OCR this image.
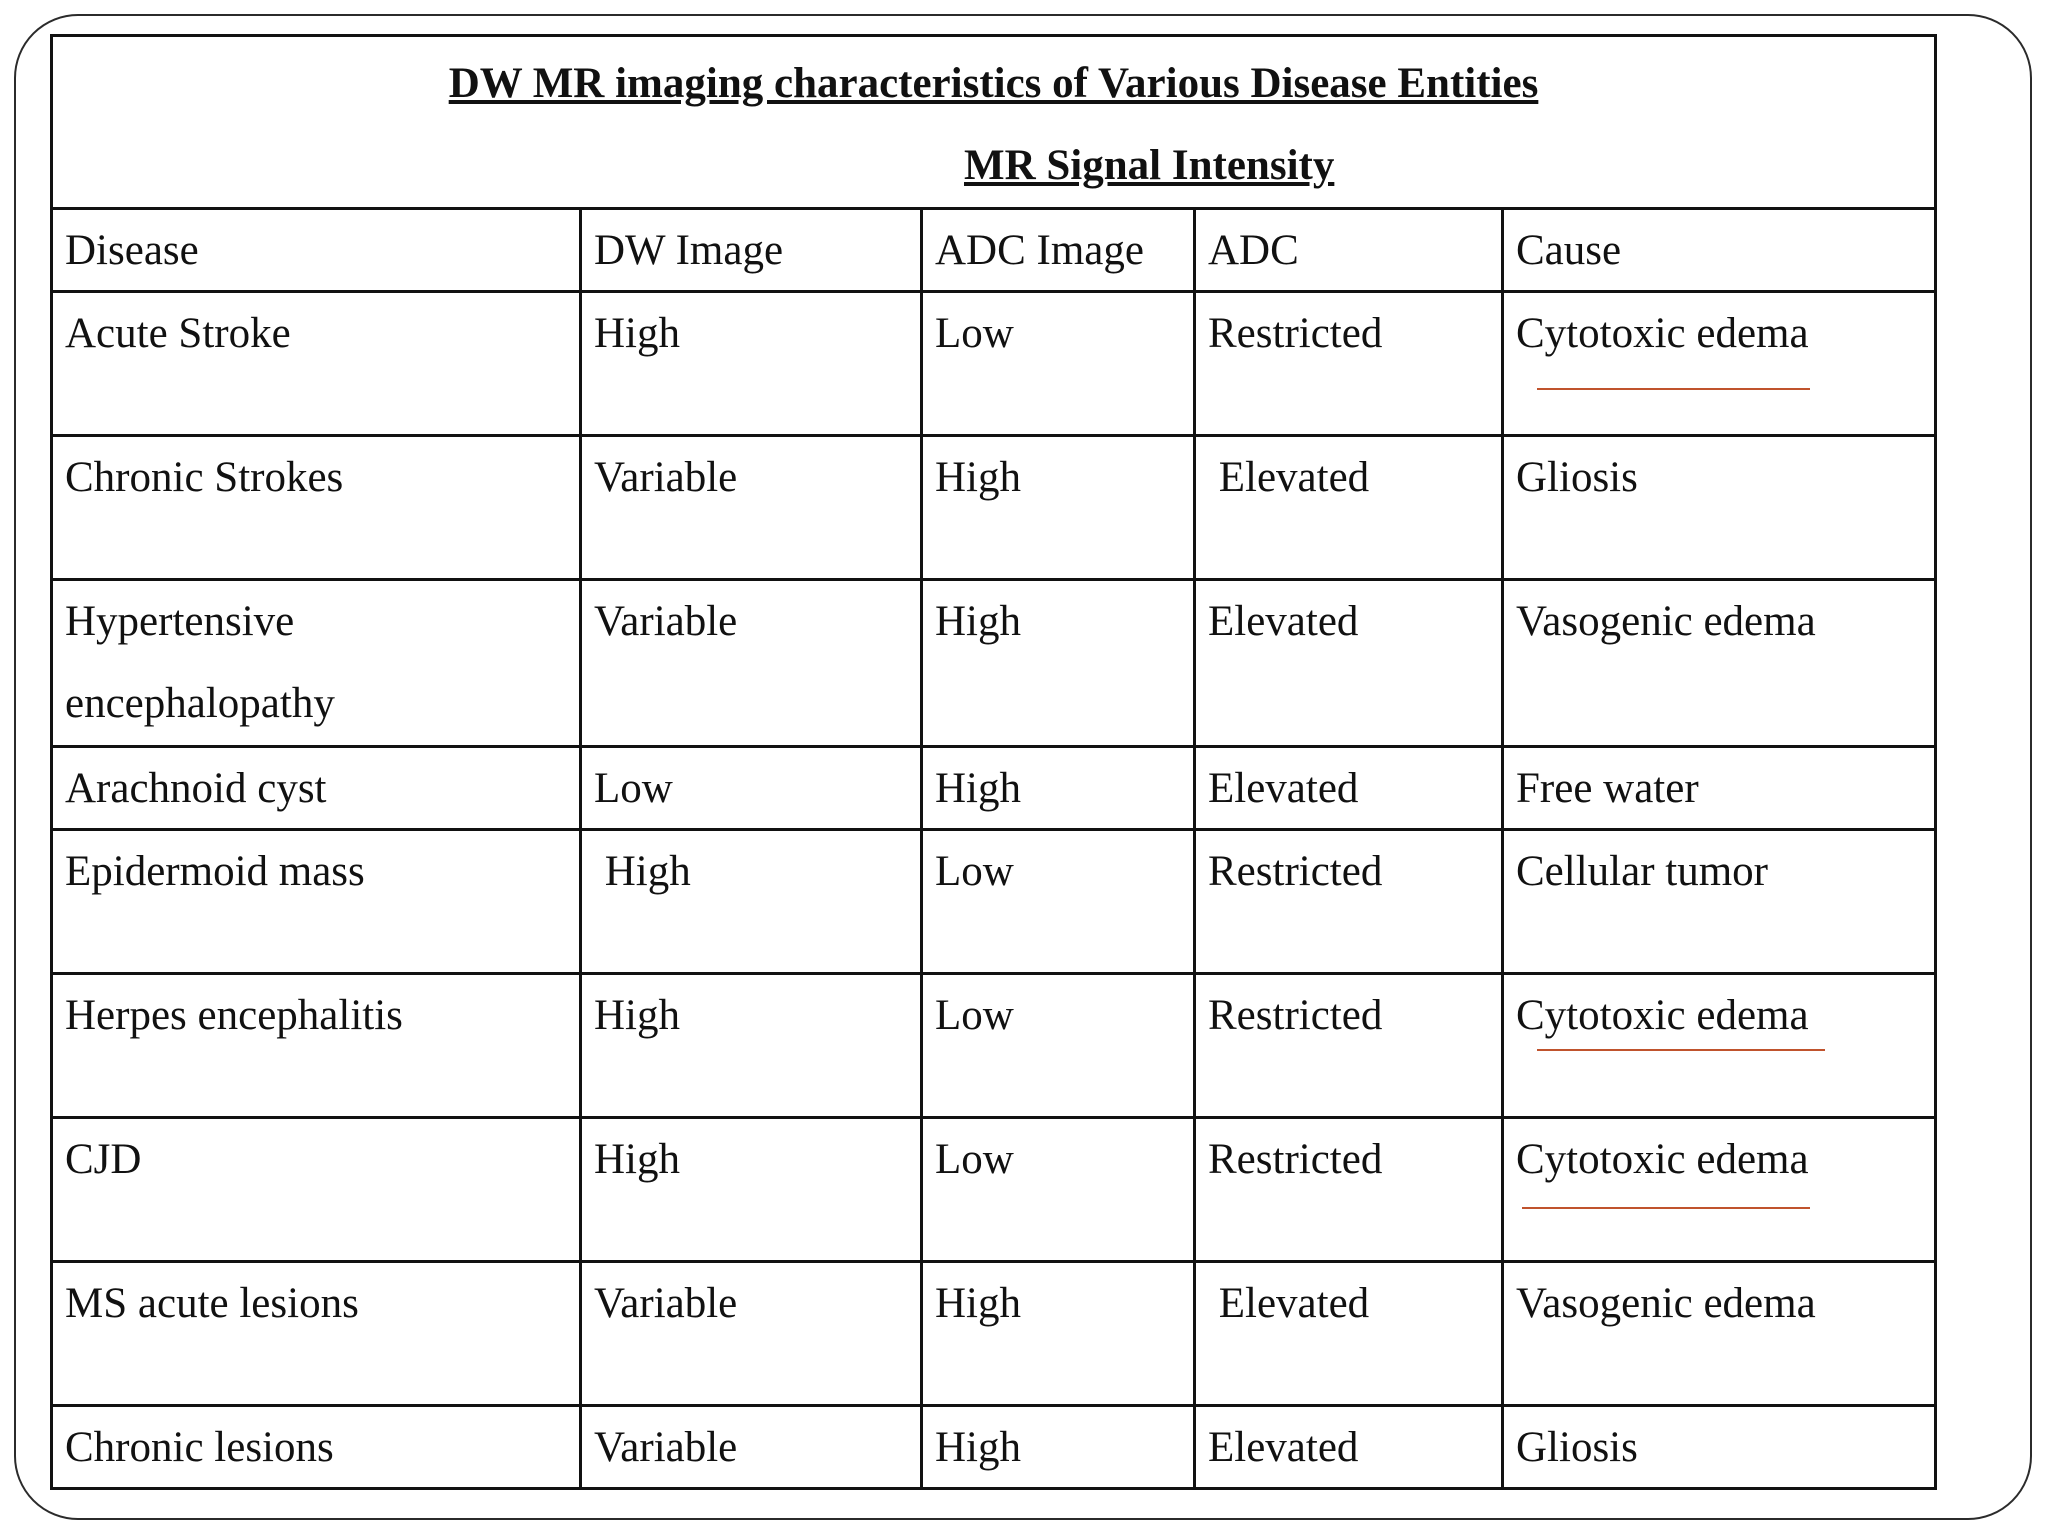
DW MR imaging characteristics of Various Disease Entities
MR Signal Intensity				

Disease	DW Image	ADC Image	ADC	Cause
Acute Stroke	High	Low	Restricted	Cytotoxic edema

Chronic Strokes	Variable	High	Elevated	Gliosis
Hypertensive encephalopathy	Variable	High	Elevated	Vasogenic edema
Arachnoid cyst	Low	High	Elevated	Free water
Epidermoid mass	High	Low	Restricted	Cellular tumor
Herpes encephalitis	High	Low	Restricted	Cytotoxic edema

CJD	High	Low	Restricted	Cytotoxic edema

MS acute lesions	Variable	High	Elevated	Vasogenic edema
Chronic lesions	Variable	High	Elevated	Gliosis
